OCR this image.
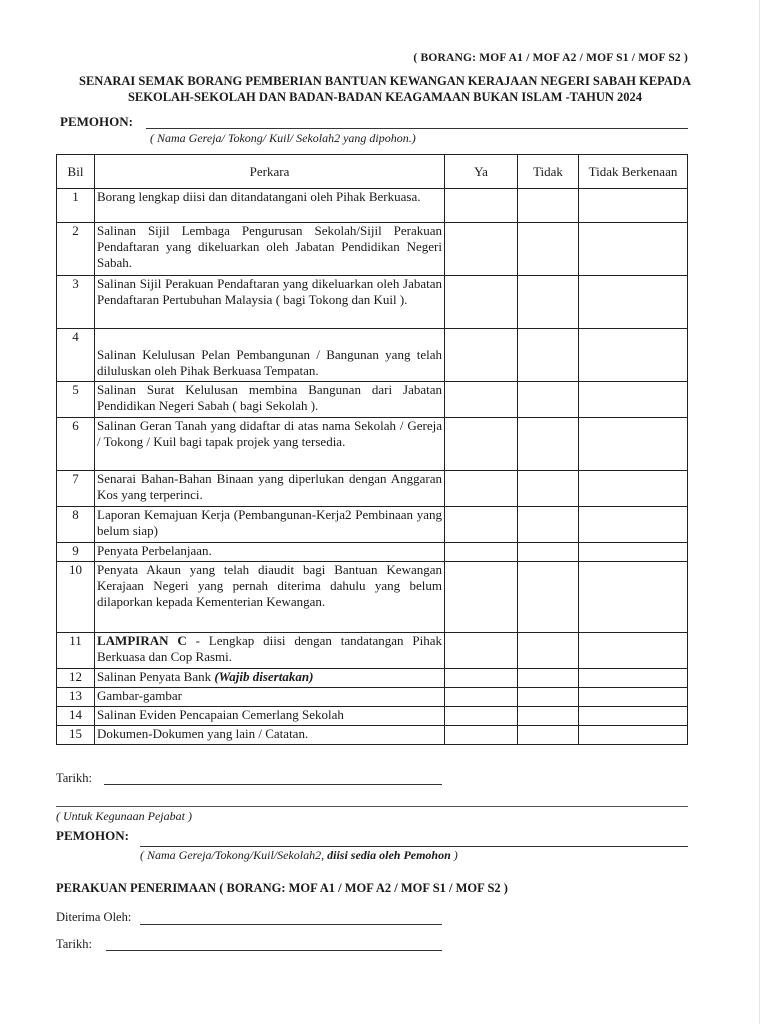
( BORANG: MOF A1 / MOF A2 / MOF S1 / MOF S2 )
SENARAI SEMAK BORANG PEMBERIAN BANTUAN KEWANGAN KERAJAAN NEGERI SABAH KEPADA
SEKOLAH-SEKOLAH DAN BADAN-BADAN KEAGAMAAN BUKAN ISLAM -TAHUN 2024
PEMOHON:
( Nama Gereja/ Tokong/ Kuil/ Sekolah2 yang dipohon.)
Bil	Perkara	Ya	Tidak	Tidak Berkenaan
1	Borang lengkap diisi dan ditandatangani oleh Pihak Berkuasa.			
2	Salinan Sijil Lembaga Pengurusan Sekolah/Sijil Perakuan Pendaftaran yang dikeluarkan oleh Jabatan Pendidikan Negeri Sabah.			
3	Salinan Sijil Perakuan Pendaftaran yang dikeluarkan oleh Jabatan Pendaftaran Pertubuhan Malaysia ( bagi Tokong dan Kuil ).			
4	Salinan Kelulusan Pelan Pembangunan / Bangunan yang telah diluluskan oleh Pihak Berkuasa Tempatan.			
5	Salinan Surat Kelulusan membina Bangunan dari Jabatan Pendidikan Negeri Sabah ( bagi Sekolah ).			
6	Salinan Geran Tanah yang didaftar di atas nama Sekolah / Gereja / Tokong / Kuil bagi tapak projek yang tersedia.			
7	Senarai Bahan-Bahan Binaan yang diperlukan dengan Anggaran Kos yang terperinci.			
8	Laporan Kemajuan Kerja (Pembangunan-Kerja2 Pembinaan yang belum siap)			
9	Penyata Perbelanjaan.			
10	Penyata Akaun yang telah diaudit bagi Bantuan Kewangan Kerajaan Negeri yang pernah diterima dahulu yang belum dilaporkan kepada Kementerian Kewangan.			
11	LAMPIRAN C - Lengkap diisi dengan tandatangan Pihak Berkuasa dan Cop Rasmi.			
12	Salinan Penyata Bank (Wajib disertakan)			
13	Gambar-gambar			
14	Salinan Eviden Pencapaian Cemerlang Sekolah			
15	Dokumen-Dokumen yang lain / Catatan.			
Tarikh:
( Untuk Kegunaan Pejabat )
PEMOHON:
( Nama Gereja/Tokong/Kuil/Sekolah2, diisi sedia oleh Pemohon )
PERAKUAN PENERIMAAN ( BORANG: MOF A1 / MOF A2 / MOF S1 / MOF S2 )
Diterima Oleh:
Tarikh:
